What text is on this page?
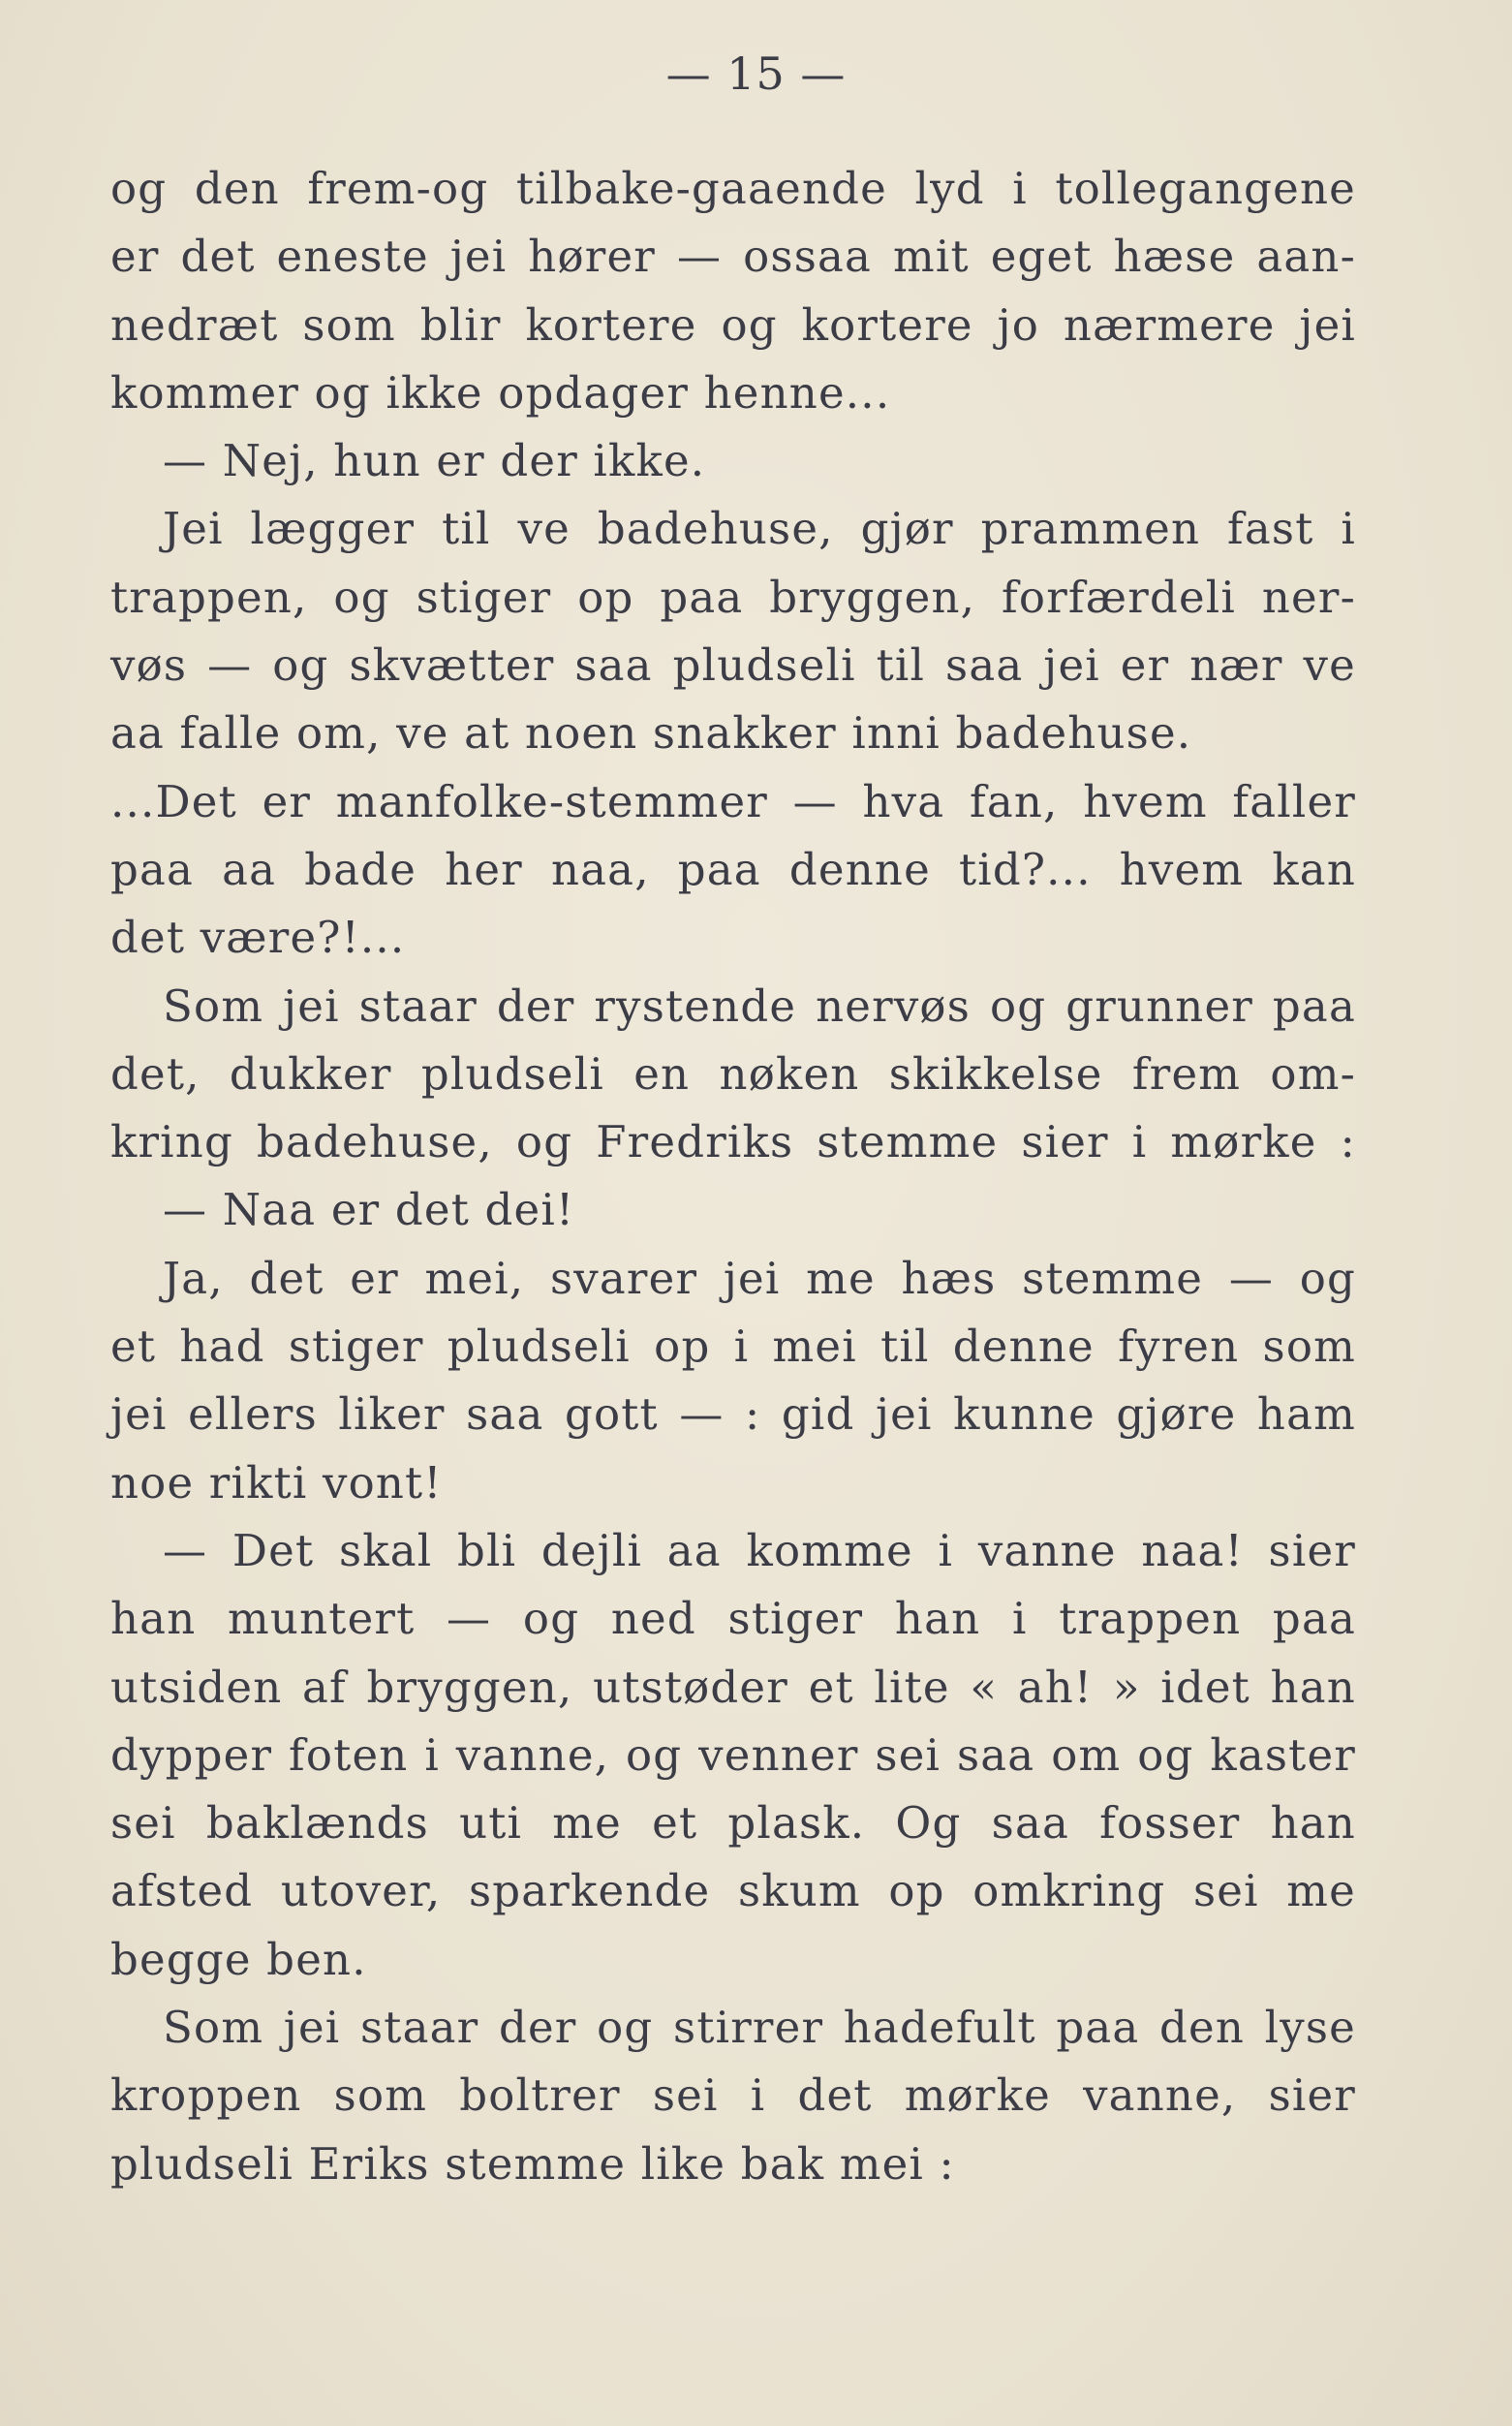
— 15 —
og den frem-og tilbake-gaaende lyd i tollegangene
er det eneste jei hører — ossaa mit eget hæse aan-
nedræt som blir kortere og kortere jo nærmere jei
kommer og ikke opdager henne...
— Nej, hun er der ikke.
Jei lægger til ve badehuse, gjør prammen fast i
trappen, og stiger op paa bryggen, forfærdeli ner-
vøs — og skvætter saa pludseli til saa jei er nær ve
aa falle om, ve at noen snakker inni badehuse.
...Det er manfolke-stemmer — hva fan, hvem faller
paa aa bade her naa, paa denne tid?... hvem kan
det være?!...
Som jei staar der rystende nervøs og grunner paa
det, dukker pludseli en nøken skikkelse frem om-
kring badehuse, og Fredriks stemme sier i mørke :
— Naa er det dei!
Ja, det er mei, svarer jei me hæs stemme — og
et had stiger pludseli op i mei til denne fyren som
jei ellers liker saa gott — : gid jei kunne gjøre ham
noe rikti vont!
— Det skal bli dejli aa komme i vanne naa! sier
han muntert — og ned stiger han i trappen paa
utsiden af bryggen, utstøder et lite « ah! » idet han
dypper foten i vanne, og venner sei saa om og kaster
sei baklænds uti me et plask. Og saa fosser han
afsted utover, sparkende skum op omkring sei me
begge ben.
Som jei staar der og stirrer hadefult paa den lyse
kroppen som boltrer sei i det mørke vanne, sier
pludseli Eriks stemme like bak mei :
